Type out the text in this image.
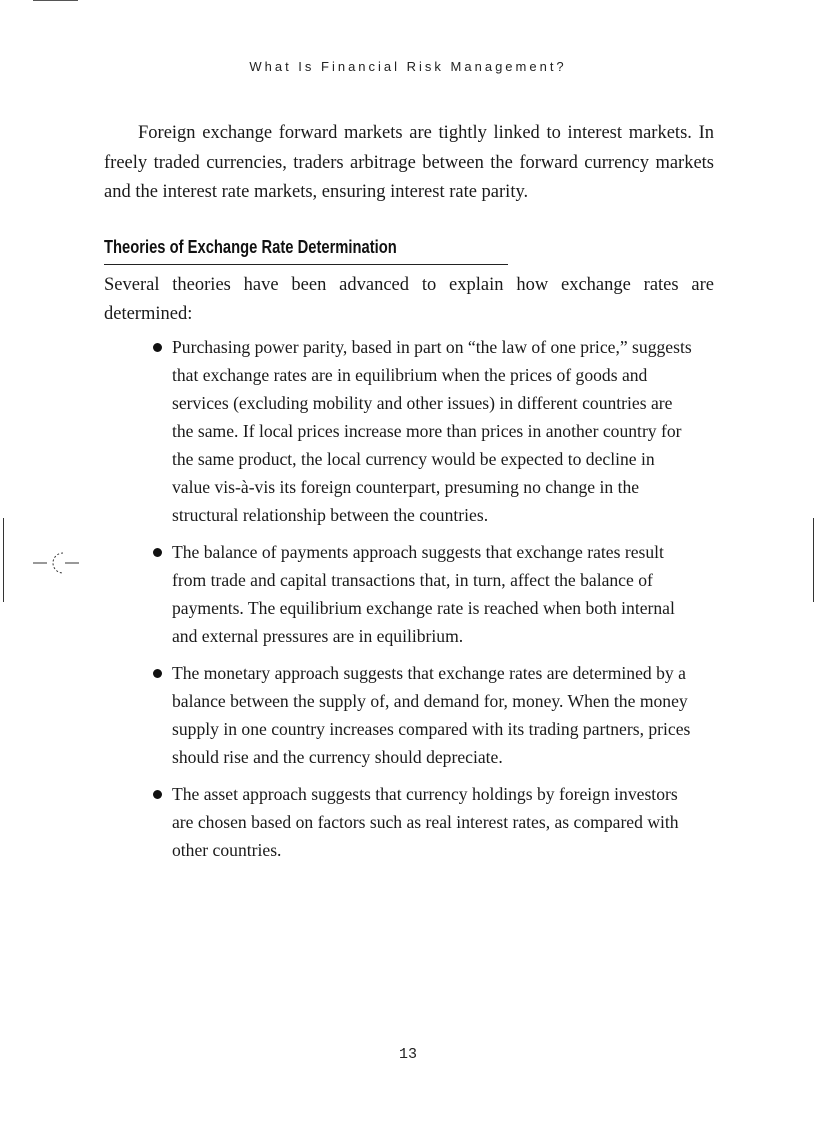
What Is Financial Risk Management?

Foreign exchange forward markets are tightly linked to interest markets. In freely traded currencies, traders arbitrage between the forward currency markets and the interest rate markets, ensuring interest rate parity.

Theories of Exchange Rate Determination

Several theories have been advanced to explain how exchange rates are determined:

Purchasing power parity, based in part on “the law of one price,” suggests that exchange rates are in equilibrium when the prices of goods and services (excluding mobility and other issues) in different countries are the same. If local prices increase more than prices in another country for the same product, the local currency would be expected to decline in value vis-à-vis its foreign counterpart, presuming no change in the structural relationship between the countries.
The balance of payments approach suggests that exchange rates result from trade and capital transactions that, in turn, affect the balance of payments. The equilibrium exchange rate is reached when both internal and external pressures are in equilibrium.
The monetary approach suggests that exchange rates are determined by a balance between the supply of, and demand for, money. When the money supply in one country increases compared with its trading partners, prices should rise and the currency should depreciate.
The asset approach suggests that currency holdings by foreign investors are chosen based on factors such as real interest rates, as compared with other countries.
13
